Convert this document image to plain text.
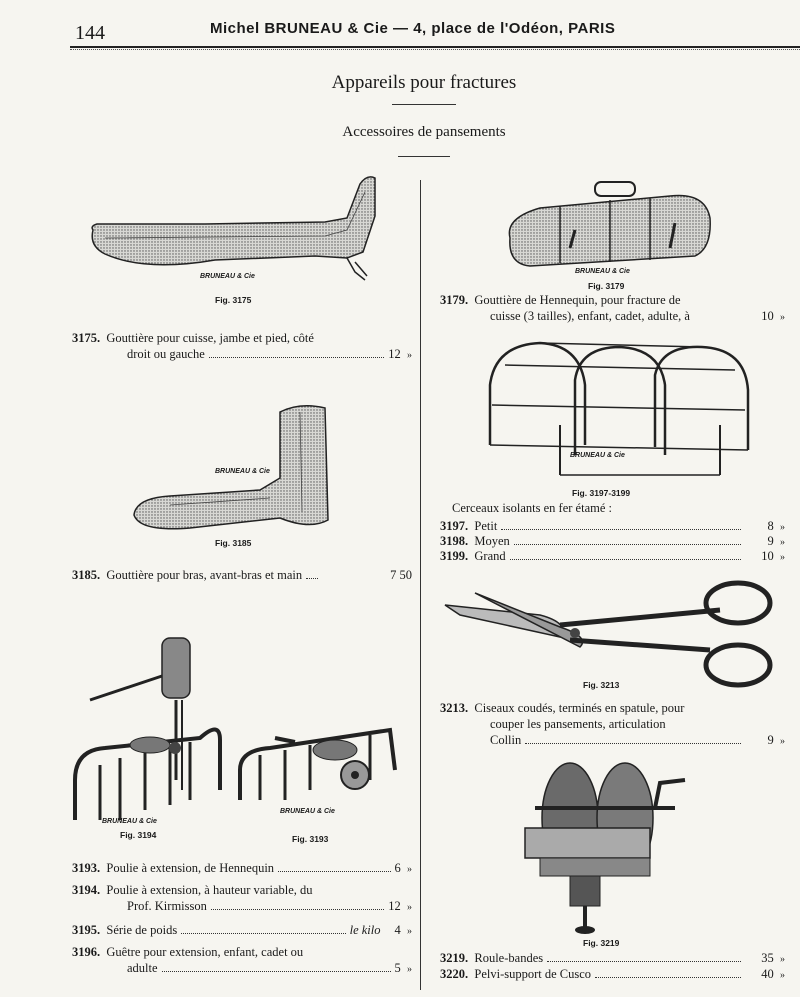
144	Michel BRUNEAU & Cie — 4, place de l'Odéon, PARIS
Appareils pour fractures
Accessoires de pansements
BRUNEAU & Cie
Fig. 3175
3175. Gouttière pour cuisse, jambe et pied, côté
droit ou gauche	12 »
BRUNEAU & Cie
Fig. 3185
3185.
Gouttière pour bras, avant-bras et main	7 50
BRUNEAU & Cie
Fig. 3194
BRUNEAU & Cie
Fig. 3193
3193.
Poulie à extension, de Hennequin	6 »
3194. Poulie à extension, à hauteur variable, du
Prof. Kirmisson	12 »
3195.
Série de poids	le kilo 4 »
3196. Guêtre pour extension, enfant, cadet ou
adulte	5 »
BRUNEAU & Cie
Fig. 3179
3179. Gouttière de Hennequin, pour fracture de
cuisse (3 tailles), enfant, cadet, adulte, à	10 »
BRUNEAU & Cie
Fig. 3197-3199
Cerceaux isolants en fer étamé :
3197.
Petit	8 »
3198.
Moyen	9 »
3199.
Grand	10 »
Fig. 3213
3213. Ciseaux coudés, terminés en spatule, pour
couper les pansements, articulation
Collin	9 »
Fig. 3219
3219.
Roule-bandes	35 »
3220.
Pelvi-support de Cusco	40 »
